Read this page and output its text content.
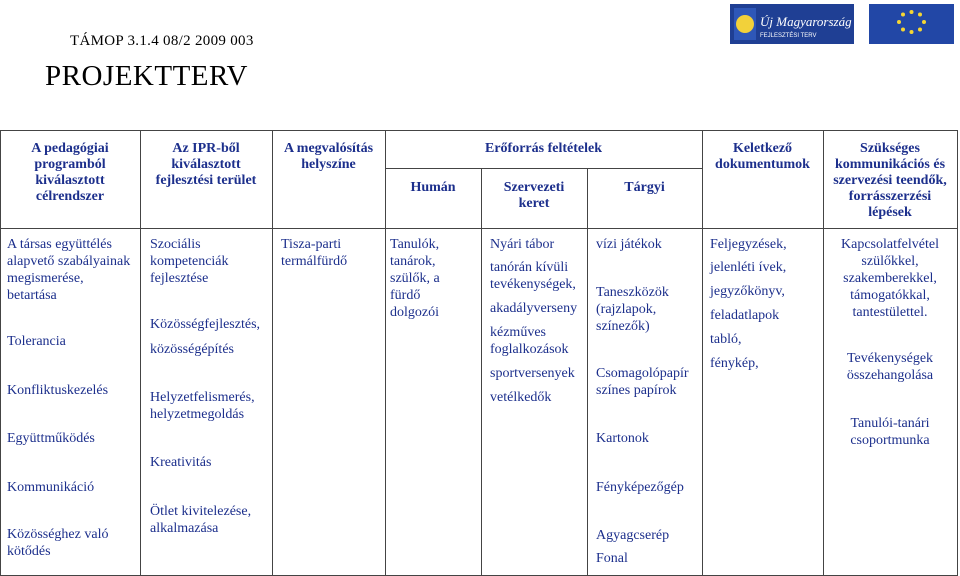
TÁMOP 3.1.4 08/2 2009 003
PROJEKTTERV
Új Magyarország
FEJLESZTÉSI TERV
A pedagógiai
programból
kiválasztott
célrendszer
Az IPR-ből
kiválasztott
fejlesztési terület
A megvalósítás
helyszíne
Erőforrás feltételek
Humán	Szervezeti
keret
Tárgyi
Keletkező
dokumentumok
Szükséges
kommunikációs és
szervezési teendők,
forrásszerzési
lépések
A társas együttélés
alapvető szabályainak
megismerése,
betartása
Tolerancia
Konfliktuskezelés
Együttműködés
Kommunikáció
Közösséghez való
kötődés
Szociális
kompetenciák
fejlesztése
Közösségfejlesztés,
közösségépítés
Helyzetfelismerés,
helyzetmegoldás
Kreativitás
Ötlet kivitelezése,
alkalmazása
Tisza-parti
termálfürdő
Tanulók,
tanárok,
szülők, a
fürdő
dolgozói
Nyári tábor
tanórán kívüli
tevékenységek,
akadályverseny
kézműves
foglalkozások
sportversenyek
vetélkedők
vízi játékok
Taneszközök
(rajzlapok,
színezők)
Csomagolópapír
színes papírok
Kartonok
Fényképezőgép
Agyagcserép
Fonal
Feljegyzések,
jelenléti ívek,
jegyzőkönyv,
feladatlapok
tabló,
fénykép,
Kapcsolatfelvétel
szülőkkel,
szakemberekkel,
támogatókkal,
tantestülettel.
Tevékenységek
összehangolása
Tanulói-tanári
csoportmunka
